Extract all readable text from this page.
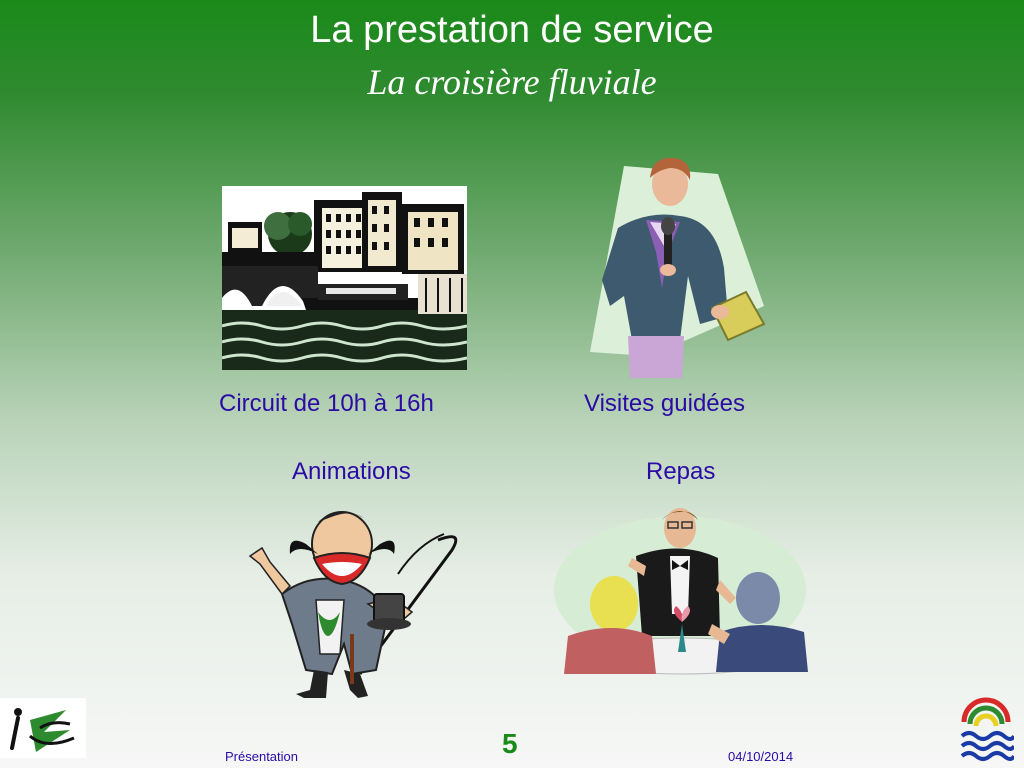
La prestation de service
La croisière fluviale
Circuit de 10h à 16h	Visites guidées
Animations	Repas
Présentation	5	04/10/2014
